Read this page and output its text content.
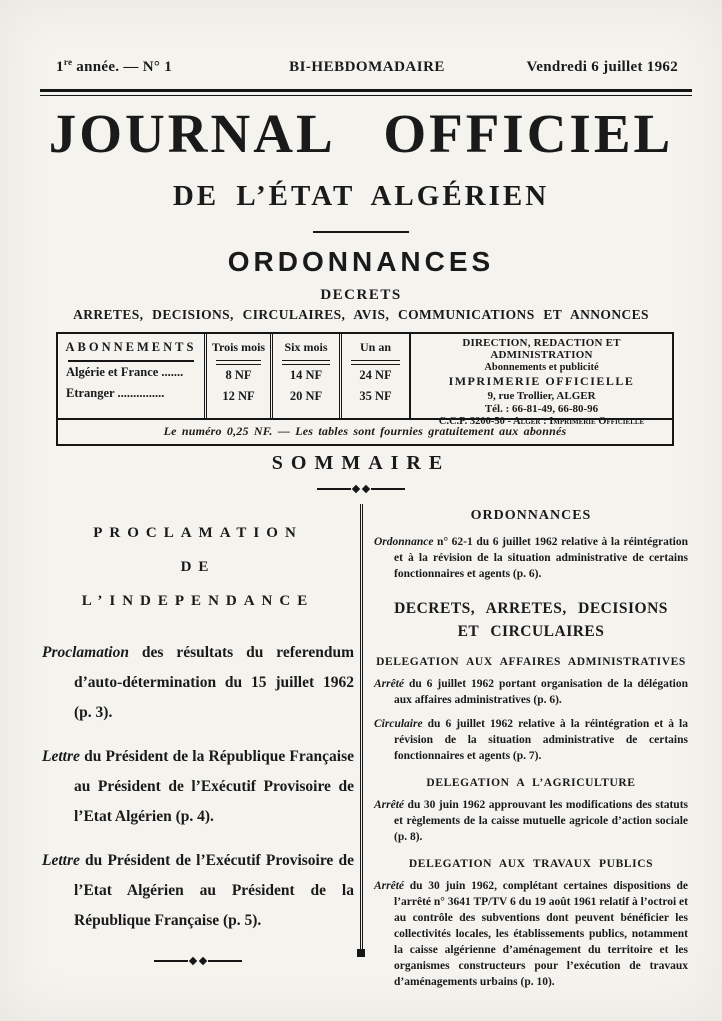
1re année. — N° 1	BI-HEBDOMADAIRE	Vendredi 6 juillet 1962
JOURNAL OFFICIEL
DE L’ÉTAT ALGÉRIEN
ORDONNANCES
DECRETS
ARRETES, DECISIONS, CIRCULAIRES, AVIS, COMMUNICATIONS ET ANNONCES
ABONNEMENTS
Algérie et France .......
Etranger ...............
Trois mois
8 NF
12 NF
Six mois
14 NF
20 NF
Un an
24 NF
35 NF
DIRECTION, REDACTION ET ADMINISTRATION
Abonnements et publicité
IMPRIMERIE OFFICIELLE
9, rue Trollier, ALGER
Tél. : 66-81-49, 66-80-96
C.C.P. 3200-50 - Alger : Imprimerie Officielle
Le numéro 0,25 NF. — Les tables sont fournies gratuitement aux abonnés
SOMMAIRE
PROCLAMATION
DE
L’INDEPENDANCE

Proclamation des résultats du referendum d’auto-détermination du 15 juillet 1962 (p. 3).

Lettre du Président de la République Française au Président de l’Exécutif Provisoire de l’Etat Algérien (p. 4).

Lettre du Président de l’Exécutif Provisoire de l’Etat Algérien au Président de la République Française (p. 5).

ORDONNANCES

Ordonnance n° 62-1 du 6 juillet 1962 relative à la réintégration et à la révision de la situation administrative de certains fonctionnaires et agents (p. 6).

DECRETS, ARRETES, DECISIONS
ET CIRCULAIRES
DELEGATION AUX AFFAIRES ADMINISTRATIVES

Arrêté du 6 juillet 1962 portant organisation de la délégation aux affaires administratives (p. 6).

Circulaire du 6 juillet 1962 relative à la réintégration et à la révision de la situation administrative de certains fonctionnaires et agents (p. 7).

DELEGATION A L’AGRICULTURE

Arrêté du 30 juin 1962 approuvant les modifications des statuts et règlements de la caisse mutuelle agricole d’action sociale (p. 8).

DELEGATION AUX TRAVAUX PUBLICS

Arrêté du 30 juin 1962, complétant certaines dispositions de l’arrêté n° 3641 TP/TV 6 du 19 août 1961 relatif à l’octroi et au contrôle des subventions dont peuvent bénéficier les collectivités locales, les établissements publics, notamment la caisse algérienne d’aménagement du territoire et les organismes constructeurs pour l’exécution de travaux d’aménagements urbains (p. 10).
